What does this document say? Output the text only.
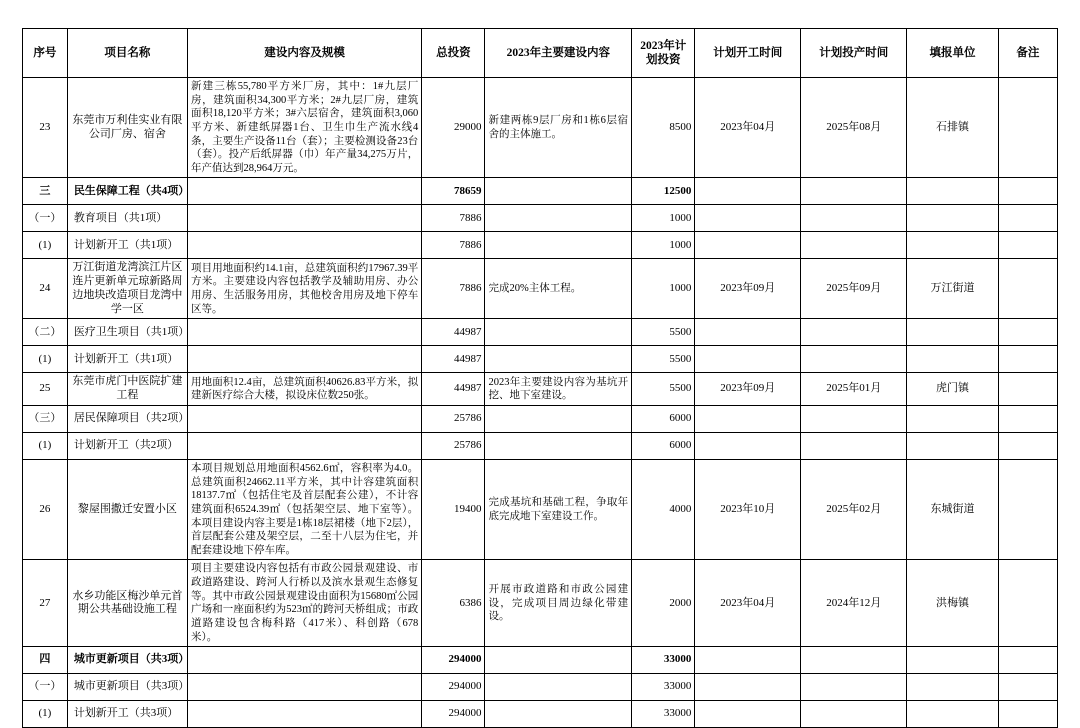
序号	项目名称	建设内容及规模	总投资	2023年主要建设内容	2023年计划投资	计划开工时间	计划投产时间	填报单位	备注
23	东莞市万利佳实业有限公司厂房、宿舍	新建三栋55,780平方米厂房，其中：1#九层厂房，建筑面积34,300平方米；2#九层厂房，建筑面积18,120平方米；3#六层宿舍，建筑面积3,060平方米、新建纸屏器1台、卫生巾生产流水线4条，主要生产设备11台（套）；主要检测设备23台（套）。投产后纸屏器（巾）年产量34,275万片，年产值达到28,964万元。	29000	新建两栋9层厂房和1栋6层宿舍的主体施工。	8500	2023年04月	2025年08月	石排镇	
三	民生保障工程（共4项）		78659		12500				
（一）	教育项目（共1项）		7886		1000				
(1)	计划新开工（共1项）		7886		1000				
24	万江街道龙湾滨江片区连片更新单元琼新路周边地块改造项目龙湾中学一区	项目用地面积约14.1亩，总建筑面积约17967.39平方米。主要建设内容包括教学及辅助用房、办公用房、生活服务用房，其他校舍用房及地下停车区等。	7886	完成20%主体工程。	1000	2023年09月	2025年09月	万江街道	
（二）	医疗卫生项目（共1项）		44987		5500				
(1)	计划新开工（共1项）		44987		5500				
25	东莞市虎门中医院扩建工程	用地面积12.4亩，总建筑面积40626.83平方米，拟建新医疗综合大楼，拟设床位数250张。	44987	2023年主要建设内容为基坑开挖、地下室建设。	5500	2023年09月	2025年01月	虎门镇	
（三）	居民保障项目（共2项）		25786		6000				
(1)	计划新开工（共2项）		25786		6000				
26	黎屋围撒迁安置小区	本项目规划总用地面积4562.6㎡，容积率为4.0。总建筑面积24662.11平方米，其中计容建筑面积18137.7㎡（包括住宅及首层配套公建），不计容建筑面积6524.39㎡（包括架空层、地下室等）。本项目建设内容主要是1栋18层裙楼（地下2层），首层配套公建及架空层，二至十八层为住宅，并配套建设地下停车库。	19400	完成基坑和基础工程，争取年底完成地下室建设工作。	4000	2023年10月	2025年02月	东城街道	
27	水乡功能区梅沙单元首期公共基础设施工程	项目主要建设内容包括有市政公园景观建设、市政道路建设、跨河人行桥以及滨水景观生态修复等。其中市政公园景观建设由面积为15680㎡公园广场和一座面积约为523㎡的跨河天桥组成；市政道路建设包含梅科路（417米）、科创路（678米）。	6386	开展市政道路和市政公园建设，完成项目周边绿化带建设。	2000	2023年04月	2024年12月	洪梅镇	
四	城市更新项目（共3项）		294000		33000				
（一）	城市更新项目（共3项）		294000		33000				
(1)	计划新开工（共3项）		294000		33000				
